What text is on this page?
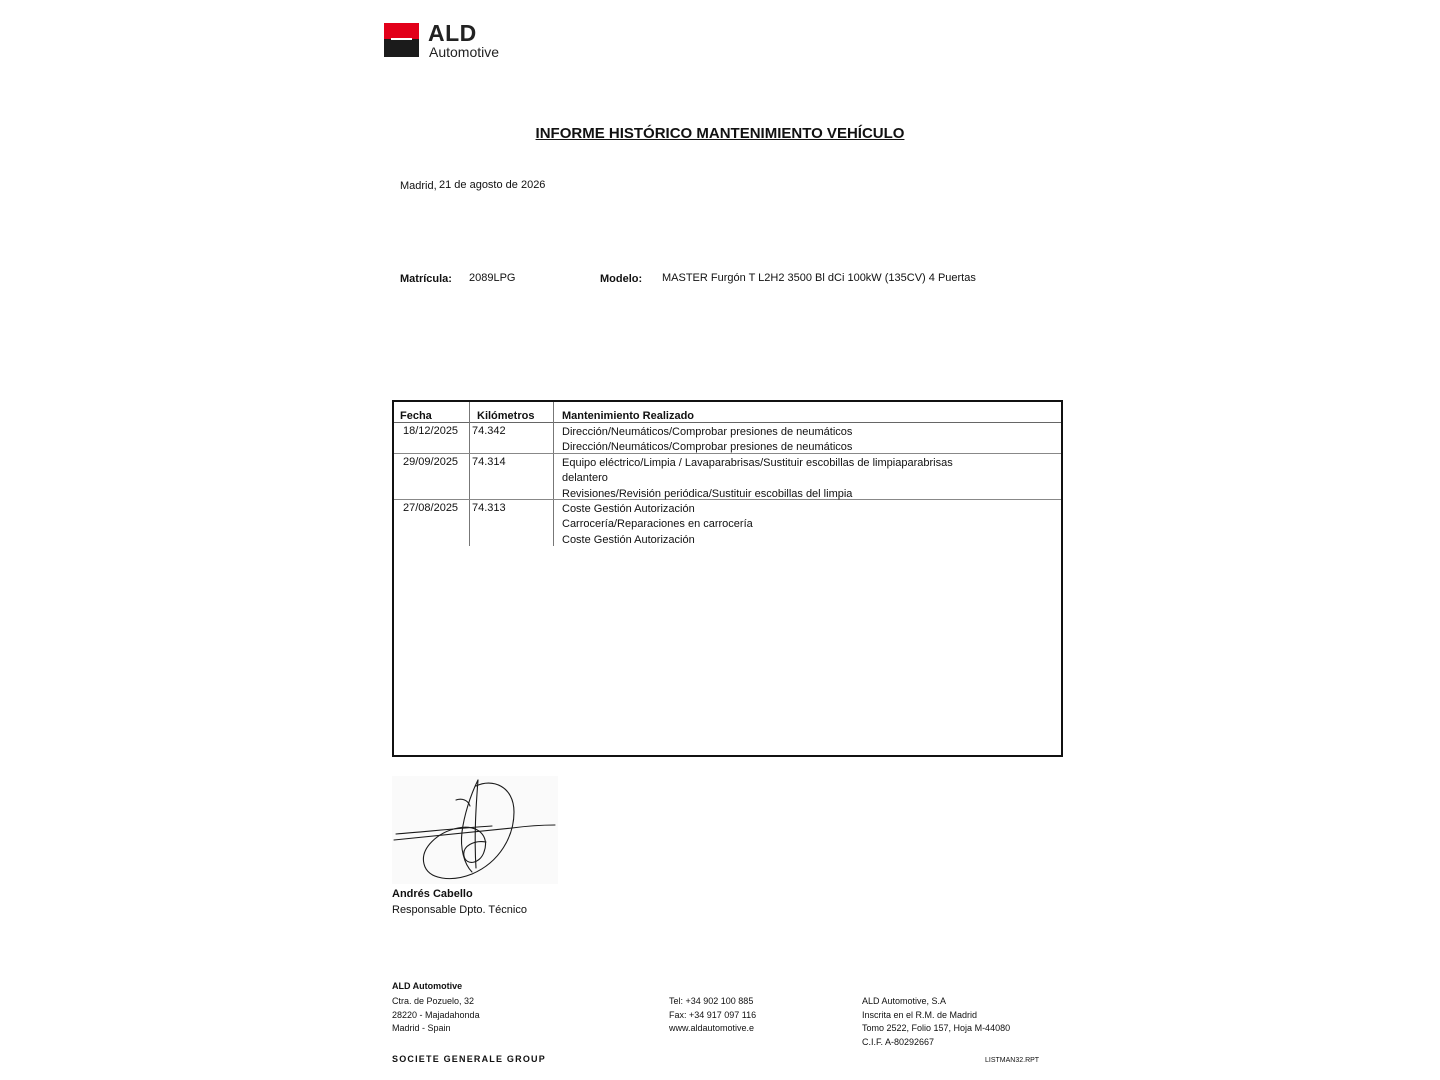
ALD
Automotive
INFORME HISTÓRICO MANTENIMIENTO VEHÍCULO
Madrid, 21 de agosto de 2026
Matrícula: 2089LPG	Modelo: MASTER Furgón T L2H2 3500 Bl dCi 100kW (135CV) 4 Puertas
Fecha	Kilómetros	Mantenimiento Realizado
18/12/2025 74.342	Dirección/Neumáticos/Comprobar presiones de neumáticos
Dirección/Neumáticos/Comprobar presiones de neumáticos
29/09/2025 74.314	Equipo eléctrico/Limpia / Lavaparabrisas/Sustituir escobillas de limpiaparabrisas
delantero
Revisiones/Revisión periódica/Sustituir escobillas del limpia
27/08/2025 74.313	Coste Gestión Autorización
Carrocería/Reparaciones en carrocería
Coste Gestión Autorización
Andrés Cabello
Responsable Dpto. Técnico
ALD Automotive
Ctra. de Pozuelo, 32
28220 - Majadahonda
Madrid - Spain
Tel: +34 902 100 885
Fax: +34 917 097 116
www.aldautomotive.e
ALD Automotive, S.A
Inscrita en el R.M. de Madrid
Tomo 2522, Folio 157, Hoja M-44080
C.I.F. A-80292667
SOCIETE GENERALE GROUP	LISTMAN32.RPT
